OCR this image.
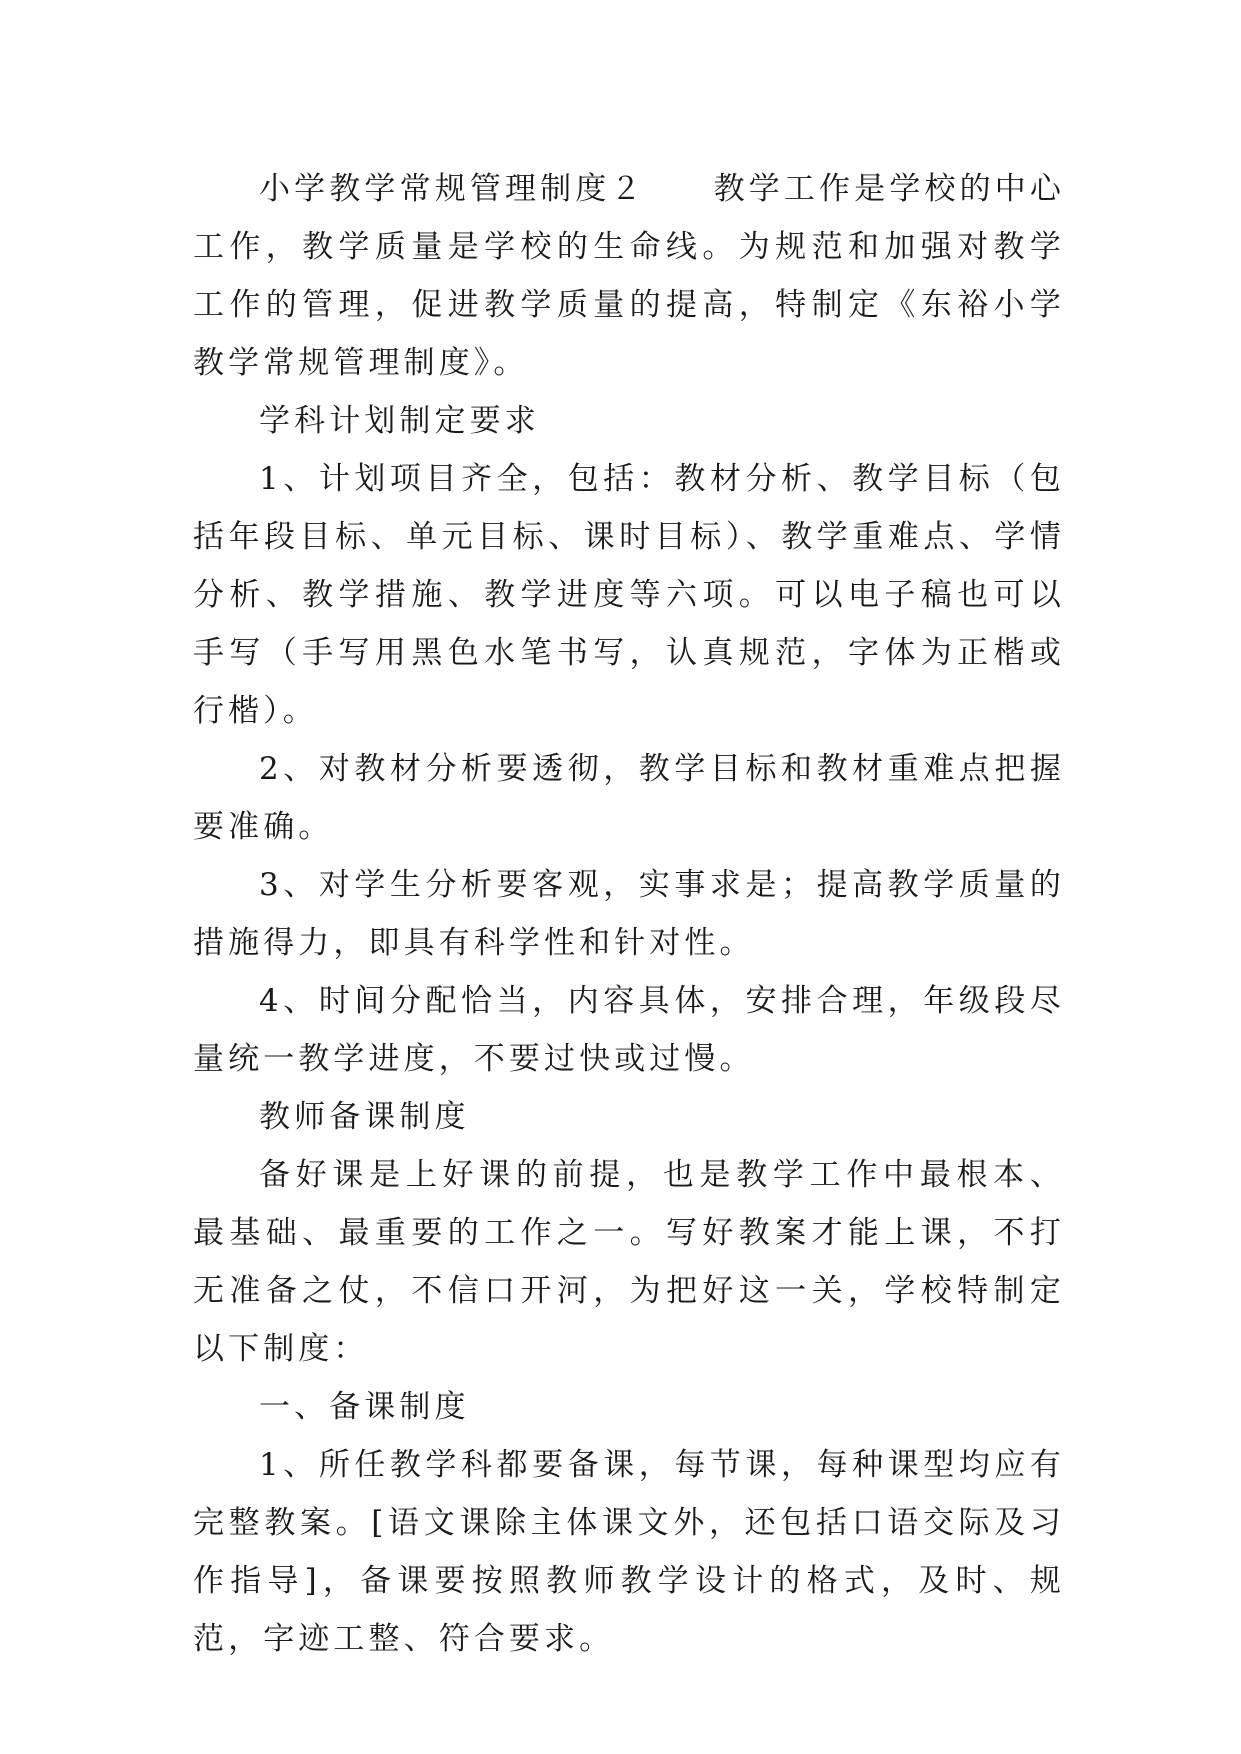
小学教学常规管理制度２ 教学工作是学校的中心工作，教学质量是学校的生命线。为规范和加强对教学工作的管理，促进教学质量的提高，特制定《东裕小学教学常规管理制度》。

学科计划制定要求

1、计划项目齐全，包括：教材分析、教学目标（包括年段目标、单元目标、课时目标）、教学重难点、学情分析、教学措施、教学进度等六项。可以电子稿也可以手写（手写用黑色水笔书写，认真规范，字体为正楷或行楷）。

2、对教材分析要透彻，教学目标和教材重难点把握要准确。

3、对学生分析要客观，实事求是；提高教学质量的措施得力，即具有科学性和针对性。

4、时间分配恰当，内容具体，安排合理，年级段尽量统一教学进度，不要过快或过慢。

教师备课制度

备好课是上好课的前提，也是教学工作中最根本、最基础、最重要的工作之一。写好教案才能上课，不打无准备之仗，不信口开河，为把好这一关，学校特制定以下制度：

一、备课制度

1、所任教学科都要备课，每节课，每种课型均应有完整教案。[语文课除主体课文外，还包括口语交际及习作指导]，备课要按照教师教学设计的格式，及时、规范，字迹工整、符合要求。
